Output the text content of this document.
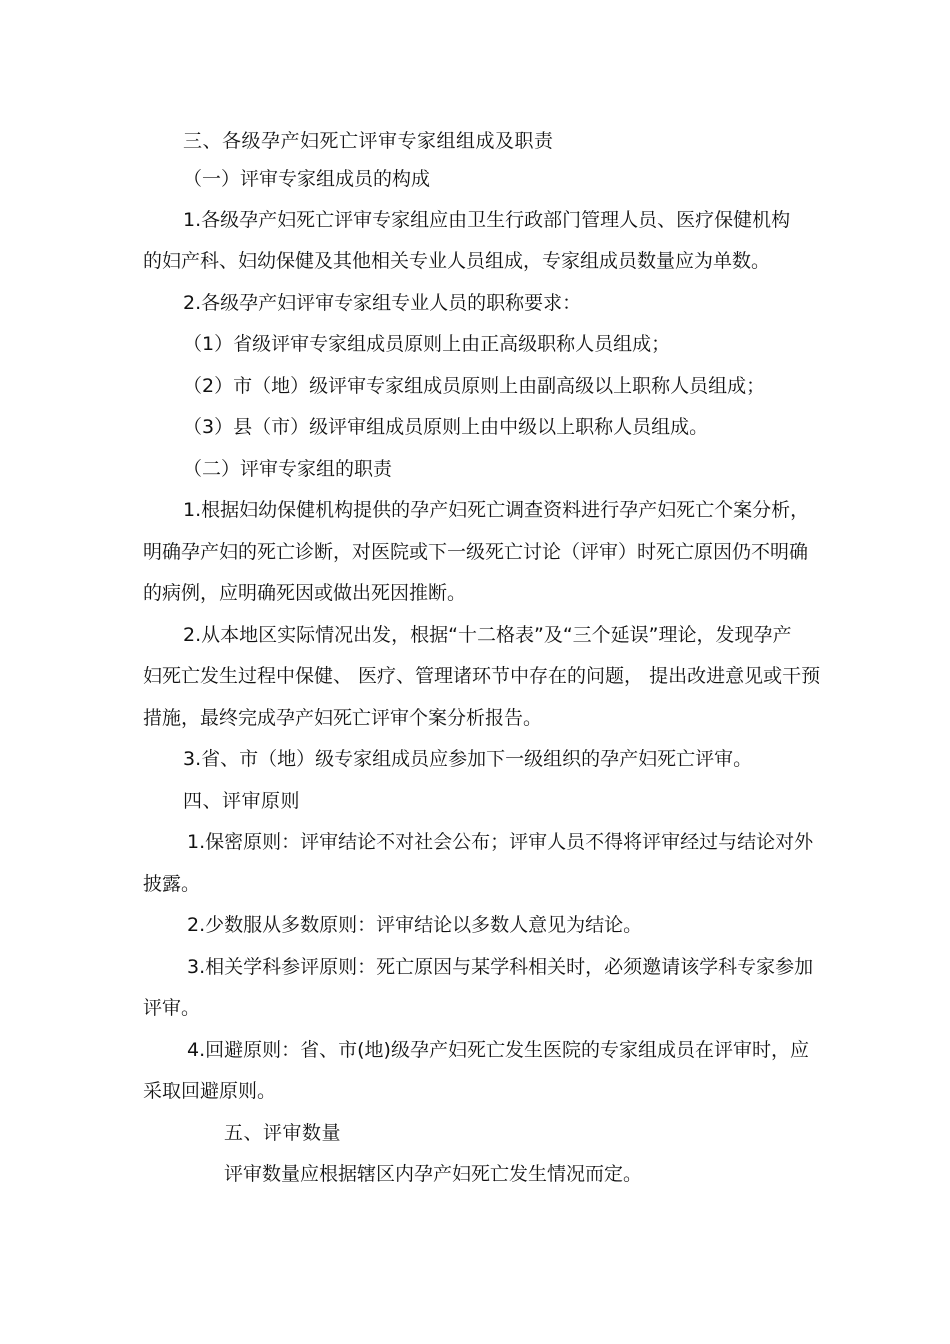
三、各级孕产妇死亡评审专家组组成及职责
（一）评审专家组成员的构成
1.各级孕产妇死亡评审专家组应由卫生行政部门管理人员、医疗保健机构
的妇产科、妇幼保健及其他相关专业人员组成，专家组成员数量应为单数。
2.各级孕产妇评审专家组专业人员的职称要求：
（1）省级评审专家组成员原则上由正高级职称人员组成；
（2）市（地）级评审专家组成员原则上由副高级以上职称人员组成；
（3）县（市）级评审组成员原则上由中级以上职称人员组成。
（二）评审专家组的职责
1.根据妇幼保健机构提供的孕产妇死亡调查资料进行孕产妇死亡个案分析，
明确孕产妇的死亡诊断，对医院或下一级死亡讨论（评审）时死亡原因仍不明确
的病例，应明确死因或做出死因推断。
2.从本地区实际情况出发，根据“十二格表”及“三个延误”理论，发现孕产
妇死亡发生过程中保健、 医疗、管理诸环节中存在的问题， 提出改进意见或干预
措施，最终完成孕产妇死亡评审个案分析报告。
3.省、市（地）级专家组成员应参加下一级组织的孕产妇死亡评审。
四、评审原则
1.保密原则：评审结论不对社会公布；评审人员不得将评审经过与结论对外
披露。
2.少数服从多数原则：评审结论以多数人意见为结论。
3.相关学科参评原则：死亡原因与某学科相关时，必须邀请该学科专家参加
评审。
4.回避原则：省、市(地)级孕产妇死亡发生医院的专家组成员在评审时，应
采取回避原则。
五、评审数量
评审数量应根据辖区内孕产妇死亡发生情况而定。
